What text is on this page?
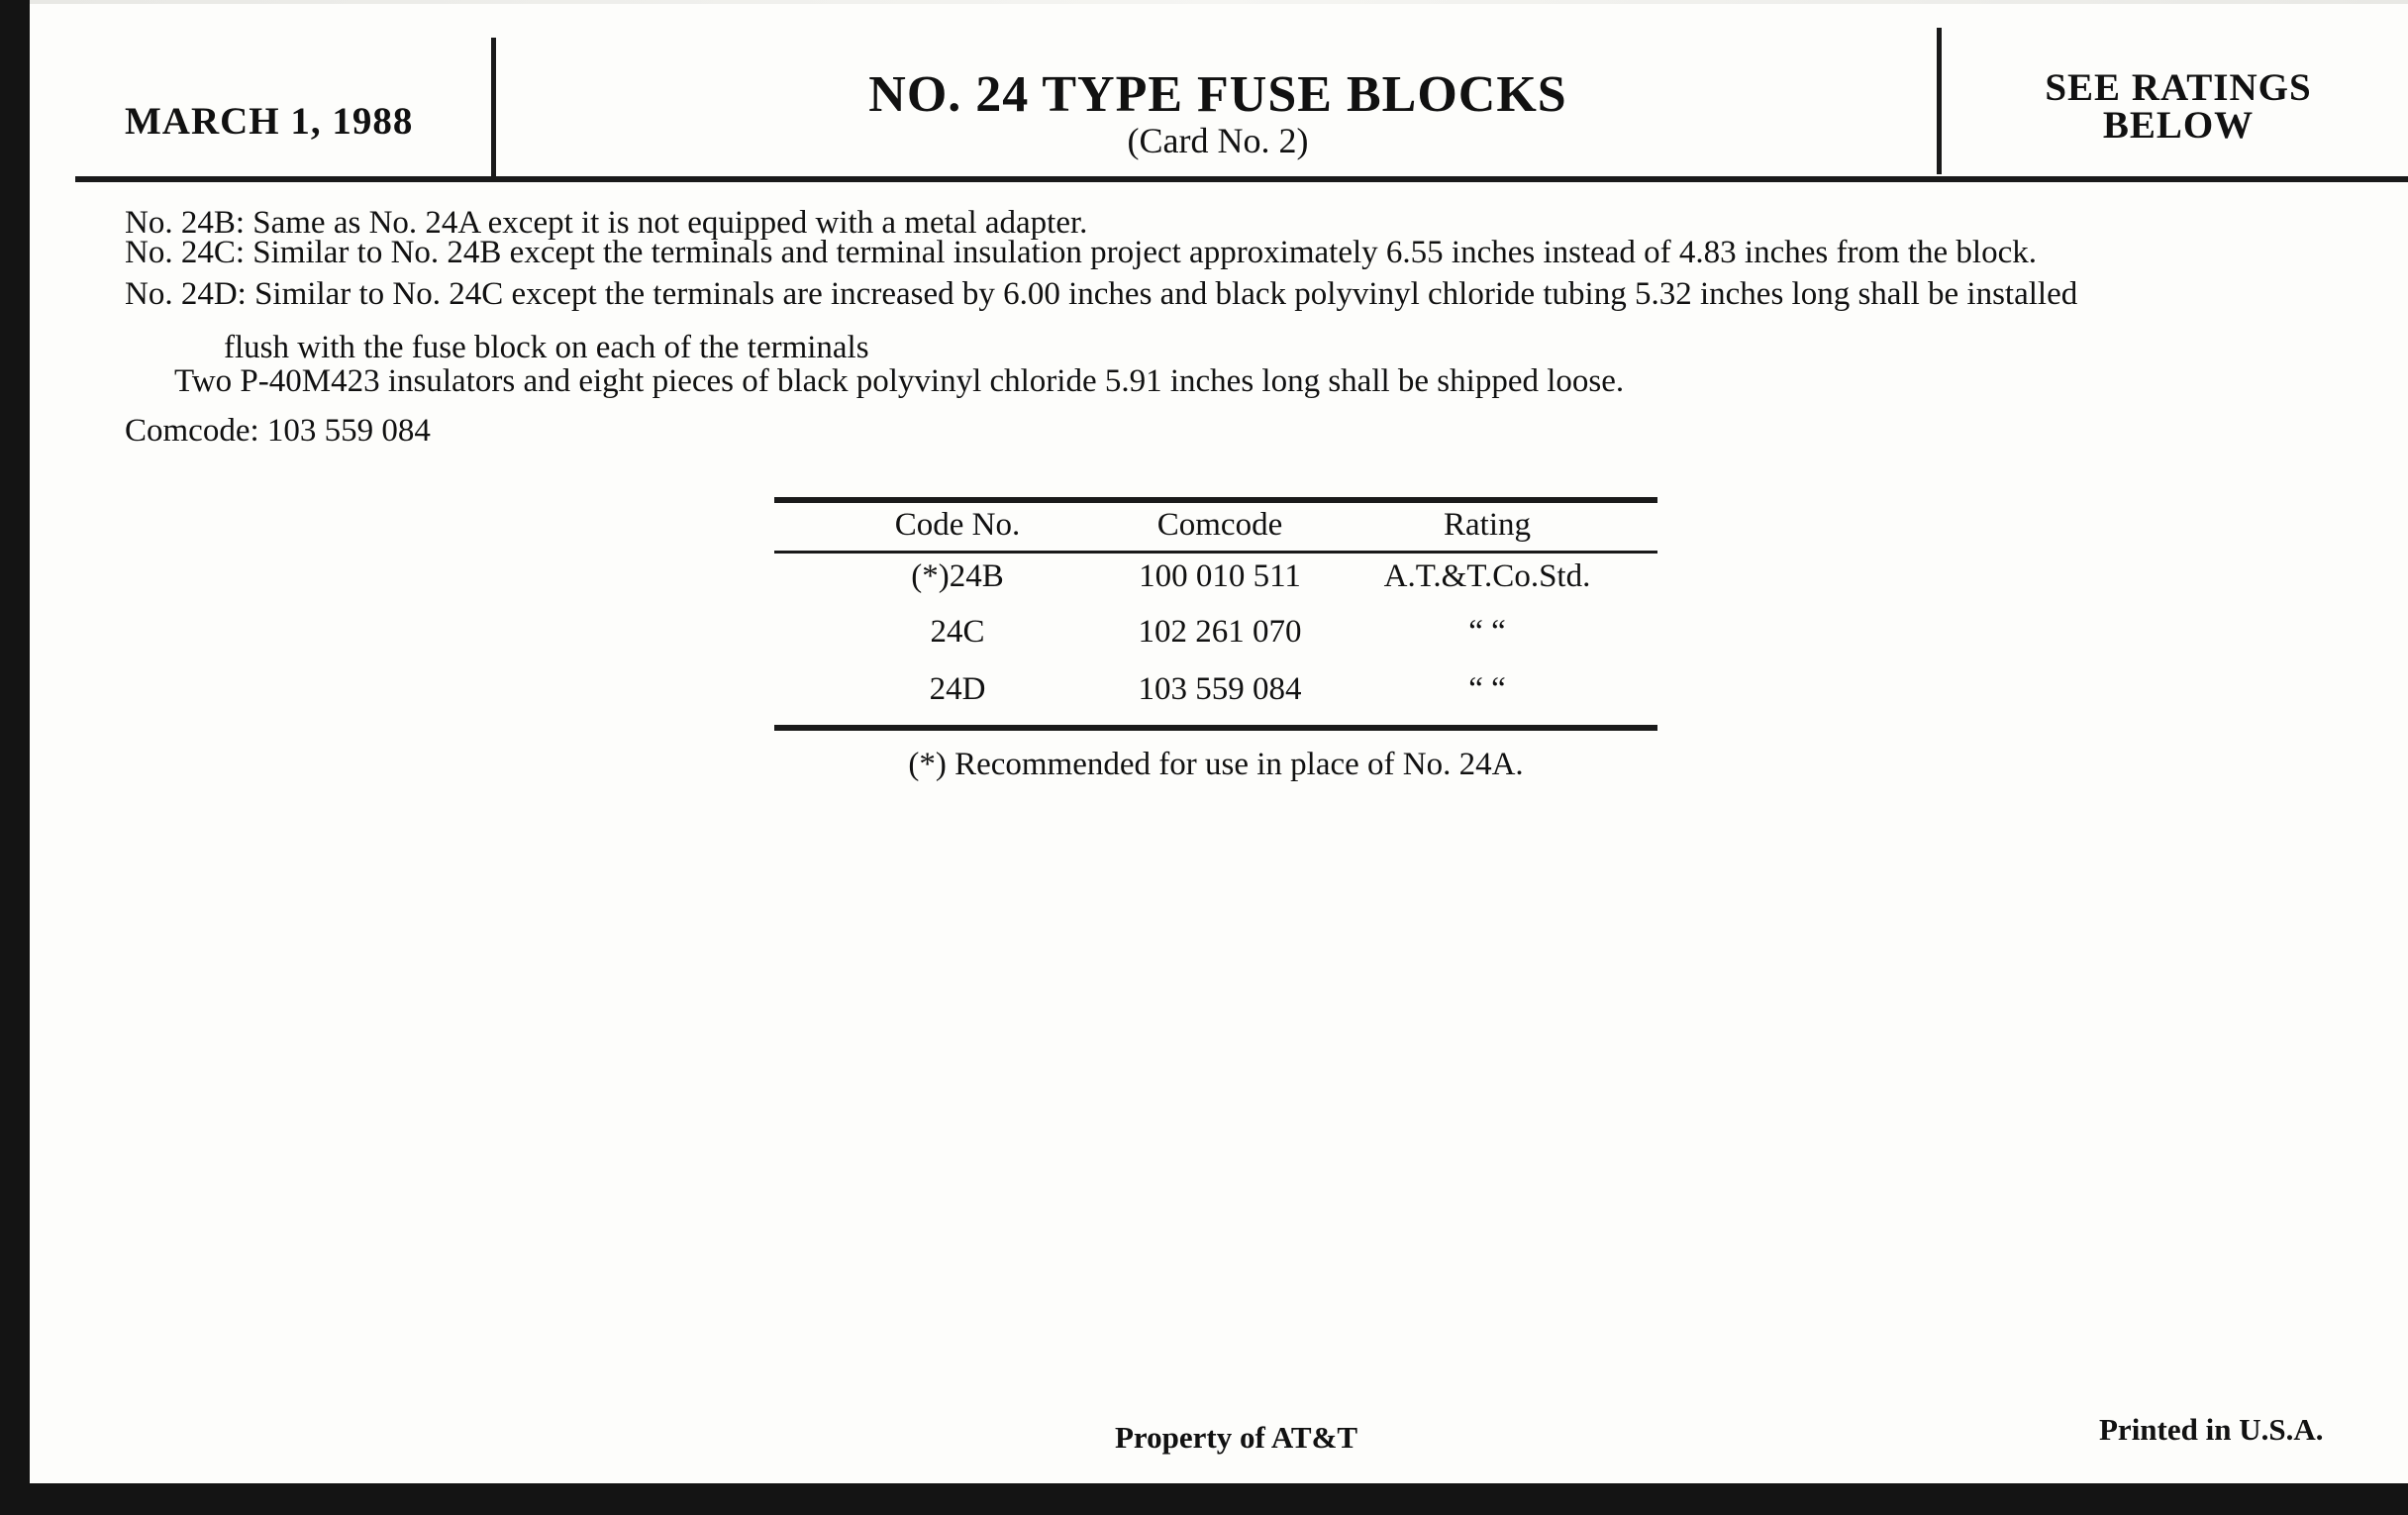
MARCH 1, 1988	NO. 24 TYPE FUSE BLOCKS
(Card No. 2)
SEE RATINGS
BELOW
No. 24B: Same as No. 24A except it is not equipped with a metal adapter.
No. 24C: Similar to No. 24B except the terminals and terminal insulation project approximately 6.55 inches instead of 4.83 inches from the block.
No. 24D: Similar to No. 24C except the terminals are increased by 6.00 inches and black polyvinyl chloride tubing 5.32 inches long shall be installed
flush with the fuse block on each of the terminals
Two P-40M423 insulators and eight pieces of black polyvinyl chloride 5.91 inches long shall be shipped loose.
Comcode: 103 559 084
Code No.	Comcode	Rating
(*)24B	100 010 511	A.T.&T.Co.Std.
24C	102 261 070	“ “
24D	103 559 084	“ “
(*) Recommended for use in place of No. 24A.
Property of AT&T	Printed in U.S.A.
